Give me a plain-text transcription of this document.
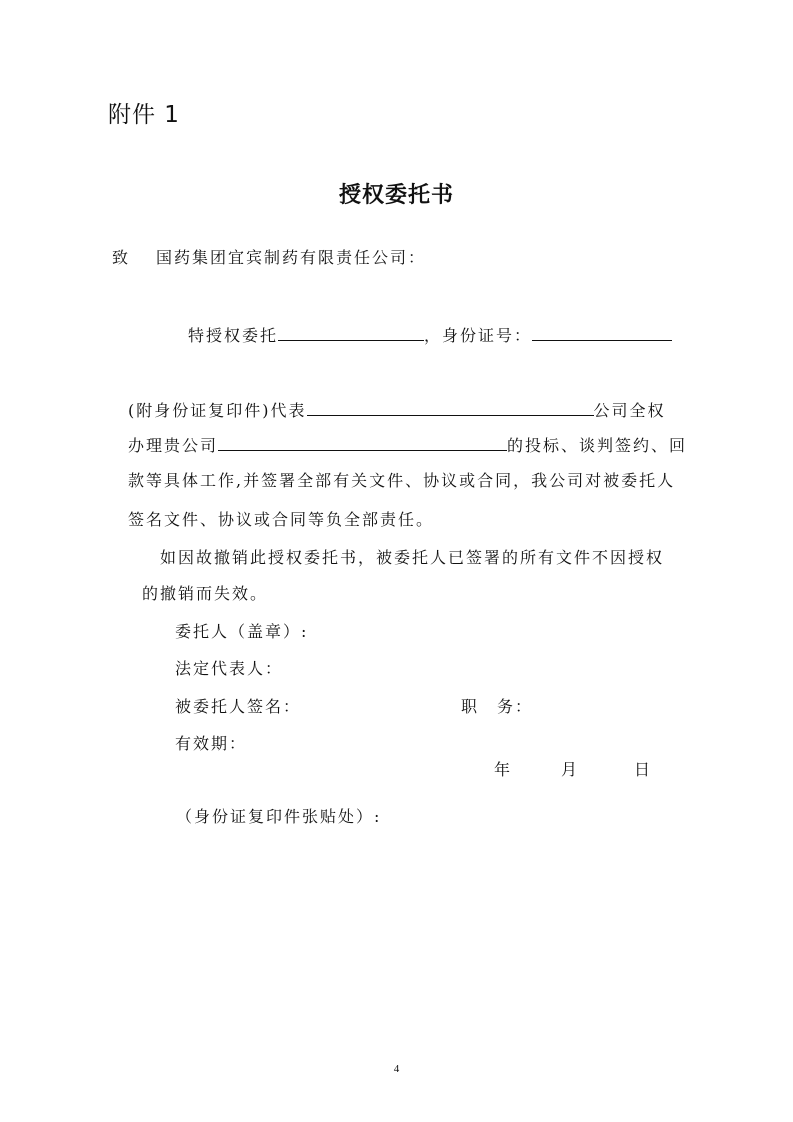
附件 1
授权委托书
致 国药集团宜宾制药有限责任公司：
特授权委托	，身份证号：
(附身份证复印件)代表	公司全权
办理贵公司	的投标、谈判签约、回
款等具体工作,并签署全部有关文件、协议或合同，我公司对被委托人
签名文件、协议或合同等负全部责任。
如因故撤销此授权委托书，被委托人已签署的所有文件不因授权
的撤销而失效。
委托人（盖章）:
法定代表人：
被委托人签名：	职　务：
有效期：
年	月	日
（身份证复印件张贴处）:
4
